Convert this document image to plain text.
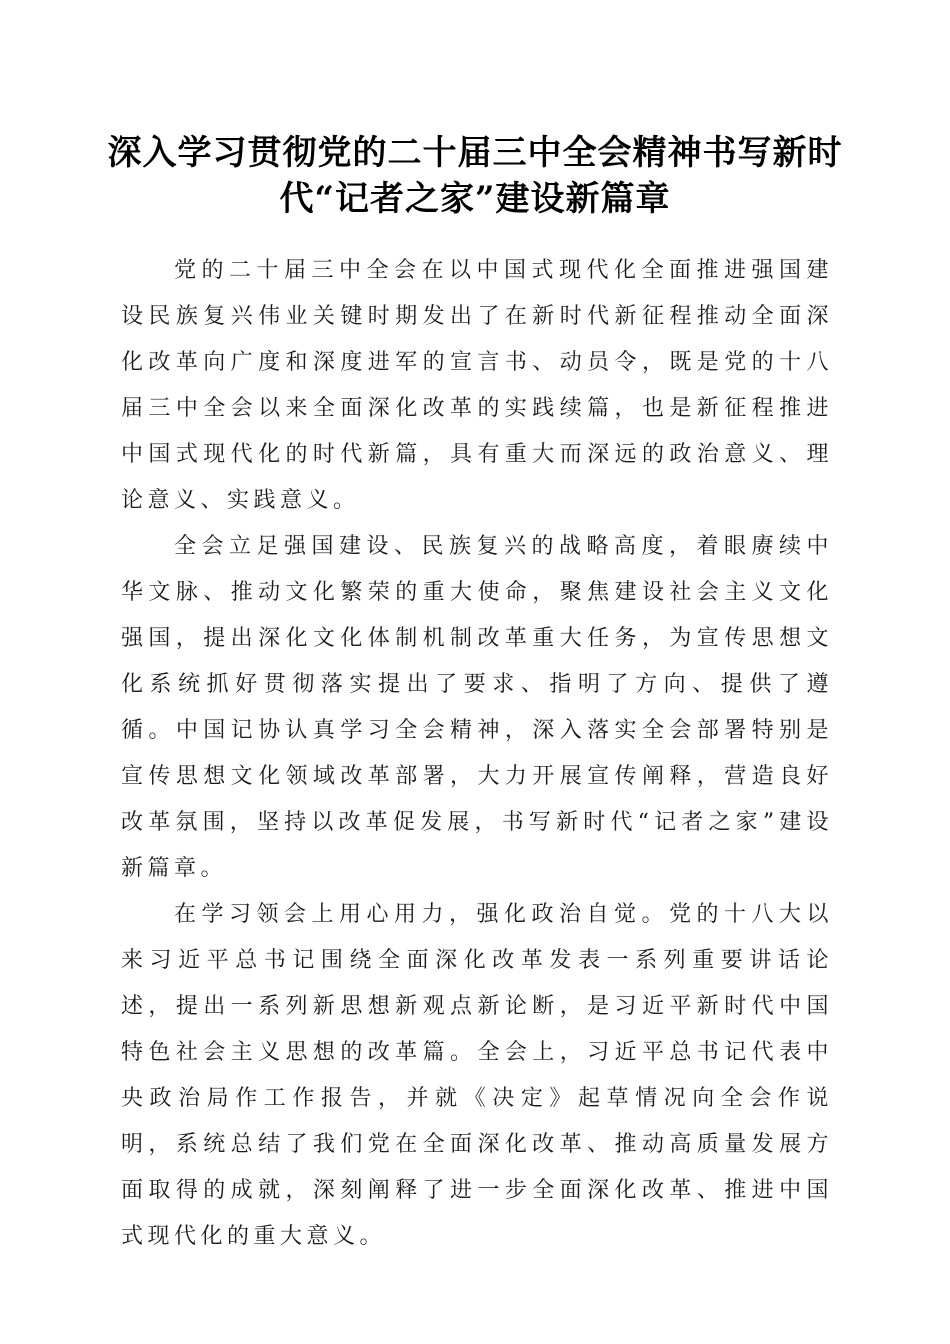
深入学习贯彻党的二十届三中全会精神书写新时代“记者之家”建设新篇章

党的二十届三中全会在以中国式现代化全面推进强国建设民族复兴伟业关键时期发出了在新时代新征程推动全面深化改革向广度和深度进军的宣言书、动员令，既是党的十八届三中全会以来全面深化改革的实践续篇，也是新征程推进中国式现代化的时代新篇，具有重大而深远的政治意义、理论意义、实践意义。

全会立足强国建设、民族复兴的战略高度，着眼赓续中华文脉、推动文化繁荣的重大使命，聚焦建设社会主义文化强国，提出深化文化体制机制改革重大任务，为宣传思想文化系统抓好贯彻落实提出了要求、指明了方向、提供了遵循。中国记协认真学习全会精神，深入落实全会部署特别是宣传思想文化领域改革部署，大力开展宣传阐释，营造良好改革氛围，坚持以改革促发展，书写新时代“记者之家”建设新篇章。

在学习领会上用心用力，强化政治自觉。党的十八大以来习近平总书记围绕全面深化改革发表一系列重要讲话论述，提出一系列新思想新观点新论断，是习近平新时代中国特色社会主义思想的改革篇。全会上，习近平总书记代表中央政治局作工作报告，并就《决定》起草情况向全会作说明，系统总结了我们党在全面深化改革、推动高质量发展方面取得的成就，深刻阐释了进一步全面深化改革、推进中国式现代化的重大意义。
